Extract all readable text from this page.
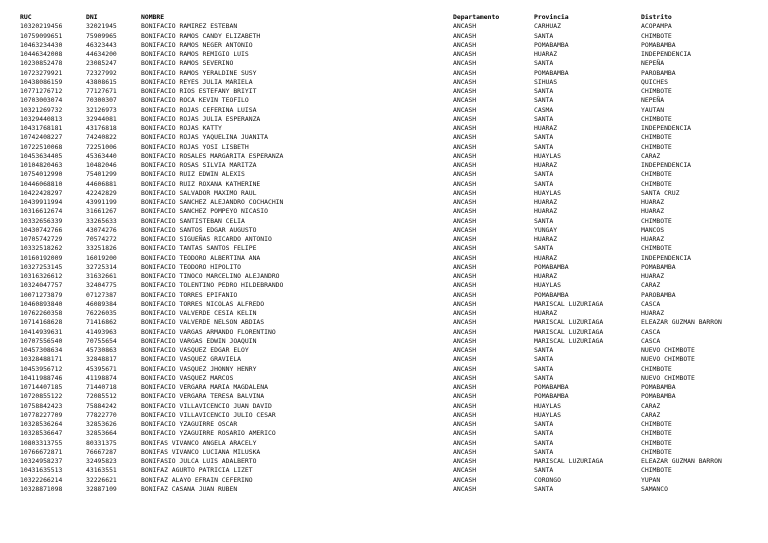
RUC	DNI	NOMBRE	Departamento	Provincia	Distrito
10320219456	32021945	BONIFACIO RAMIREZ ESTEBAN	ANCASH	CARHUAZ	ACOPAMPA
10759099651	75909965	BONIFACIO RAMOS CANDY ELIZABETH	ANCASH	SANTA	CHIMBOTE
10463234430	46323443	BONIFACIO RAMOS NEGER ANTONIO	ANCASH	POMABAMBA	POMABAMBA
10446342008	44634200	BONIFACIO RAMOS REMIGIO LUIS	ANCASH	HUARAZ	INDEPENDENCIA
10230852478	23085247	BONIFACIO RAMOS SEVERINO	ANCASH	SANTA	NEPEÑA
10723279921	72327992	BONIFACIO RAMOS YERALDINE SUSY	ANCASH	POMABAMBA	PAROBAMBA
10438086159	43808615	BONIFACIO REYES JULIA MARIELA	ANCASH	SIHUAS	QUICHES
10771276712	77127671	BONIFACIO RIOS ESTEFANY BRIYIT	ANCASH	SANTA	CHIMBOTE
10703003074	70300307	BONIFACIO ROCA KEVIN TEOFILO	ANCASH	SANTA	NEPEÑA
10321269732	32126973	BONIFACIO ROJAS CEFERINA LUISA	ANCASH	CASMA	YAUTAN
10329440813	32944081	BONIFACIO ROJAS JULIA ESPERANZA	ANCASH	SANTA	CHIMBOTE
10431768181	43176818	BONIFACIO ROJAS KATTY	ANCASH	HUARAZ	INDEPENDENCIA
10742408227	74240822	BONIFACIO ROJAS YAQUELINA JUANITA	ANCASH	SANTA	CHIMBOTE
10722510068	72251006	BONIFACIO ROJAS YOSI LISBETH	ANCASH	SANTA	CHIMBOTE
10453634405	45363440	BONIFACIO ROSALES MARGARITA ESPERANZA	ANCASH	HUAYLAS	CARAZ
10104820463	10482046	BONIFACIO ROSAS SILVIA MARITZA	ANCASH	HUARAZ	INDEPENDENCIA
10754012990	75401299	BONIFACIO RUIZ EDWIN ALEXIS	ANCASH	SANTA	CHIMBOTE
10446068810	44606881	BONIFACIO RUIZ ROXANA KATHERINE	ANCASH	SANTA	CHIMBOTE
10422428297	42242829	BONIFACIO SALVADOR MAXIMO RAUL	ANCASH	HUAYLAS	SANTA CRUZ
10439911994	43991199	BONIFACIO SANCHEZ ALEJANDRO COCHACHIN	ANCASH	HUARAZ	HUARAZ
10316612674	31661267	BONIFACIO SANCHEZ POMPEYO NICASIO	ANCASH	HUARAZ	HUARAZ
10332656339	33265633	BONIFACIO SANTISTEBAN CELIA	ANCASH	SANTA	CHIMBOTE
10430742766	43074276	BONIFACIO SANTOS EDGAR AUGUSTO	ANCASH	YUNGAY	MANCOS
10705742729	70574272	BONIFACIO SIGUEÑAS RICARDO ANTONIO	ANCASH	HUARAZ	HUARAZ
10332518262	33251826	BONIFACIO TANTAS SANTOS FELIPE	ANCASH	SANTA	CHIMBOTE
10160192009	16019200	BONIFACIO TEODORO ALBERTINA ANA	ANCASH	HUARAZ	INDEPENDENCIA
10327253145	32725314	BONIFACIO TEODORO HIPOLITO	ANCASH	POMABAMBA	POMABAMBA
10316326612	31632661	BONIFACIO TINOCO MARCELINO ALEJANDRO	ANCASH	HUARAZ	HUARAZ
10324047757	32404775	BONIFACIO TOLENTINO PEDRO HILDEBRANDO	ANCASH	HUAYLAS	CARAZ
10071273879	07127387	BONIFACIO TORRES EPIFANIO	ANCASH	POMABAMBA	PAROBAMBA
10460893840	46089384	BONIFACIO TORRES NICOLAS ALFREDO	ANCASH	MARISCAL LUZURIAGA	CASCA
10762260358	76226035	BONIFACIO VALVERDE CESIA KELIN	ANCASH	HUARAZ	HUARAZ
10714168628	71416862	BONIFACIO VALVERDE NELSON ABDIAS	ANCASH	MARISCAL LUZURIAGA	ELEAZAR GUZMAN BARRON
10414939631	41493963	BONIFACIO VARGAS ARMANDO FLORENTINO	ANCASH	MARISCAL LUZURIAGA	CASCA
10707556540	70755654	BONIFACIO VARGAS EDWIN JOAQUIN	ANCASH	MARISCAL LUZURIAGA	CASCA
10457308634	45730863	BONIFACIO VASQUEZ EDGAR ELOY	ANCASH	SANTA	NUEVO CHIMBOTE
10328488171	32848817	BONIFACIO VASQUEZ GRAVIELA	ANCASH	SANTA	NUEVO CHIMBOTE
10453956712	45395671	BONIFACIO VASQUEZ JHONNY HENRY	ANCASH	SANTA	CHIMBOTE
10411988746	41198874	BONIFACIO VASQUEZ MARCOS	ANCASH	SANTA	NUEVO CHIMBOTE
10714407185	71440718	BONIFACIO VERGARA MARIA MAGDALENA	ANCASH	POMABAMBA	POMABAMBA
10720855122	72085512	BONIFACIO VERGARA TERESA BALVINA	ANCASH	POMABAMBA	POMABAMBA
10758842423	75884242	BONIFACIO VILLAVICENCIO JUAN DAVID	ANCASH	HUAYLAS	CARAZ
10778227709	77822770	BONIFACIO VILLAVICENCIO JULIO CESAR	ANCASH	HUAYLAS	CARAZ
10328536264	32853626	BONIFACIO YZAGUIRRE OSCAR	ANCASH	SANTA	CHIMBOTE
10328536647	32853664	BONIFACIO YZAGUIRRE ROSARIO AMERICO	ANCASH	SANTA	CHIMBOTE
10803313755	80331375	BONIFAS VIVANCO ANGELA ARACELY	ANCASH	SANTA	CHIMBOTE
10766672871	76667287	BONIFAS VIVANCO LUCIANA MILUSKA	ANCASH	SANTA	CHIMBOTE
10324958237	32495823	BONIFASIO JULCA LUIS ADALBERTO	ANCASH	MARISCAL LUZURIAGA	ELEAZAR GUZMAN BARRON
10431635513	43163551	BONIFAZ AGURTO PATRICIA LIZET	ANCASH	SANTA	CHIMBOTE
10322266214	32226621	BONIFAZ ALAYO EFRAIN CEFERINO	ANCASH	CORONGO	YUPAN
10328871098	32887109	BONIFAZ CASANA JUAN RUBEN	ANCASH	SANTA	SAMANCO
